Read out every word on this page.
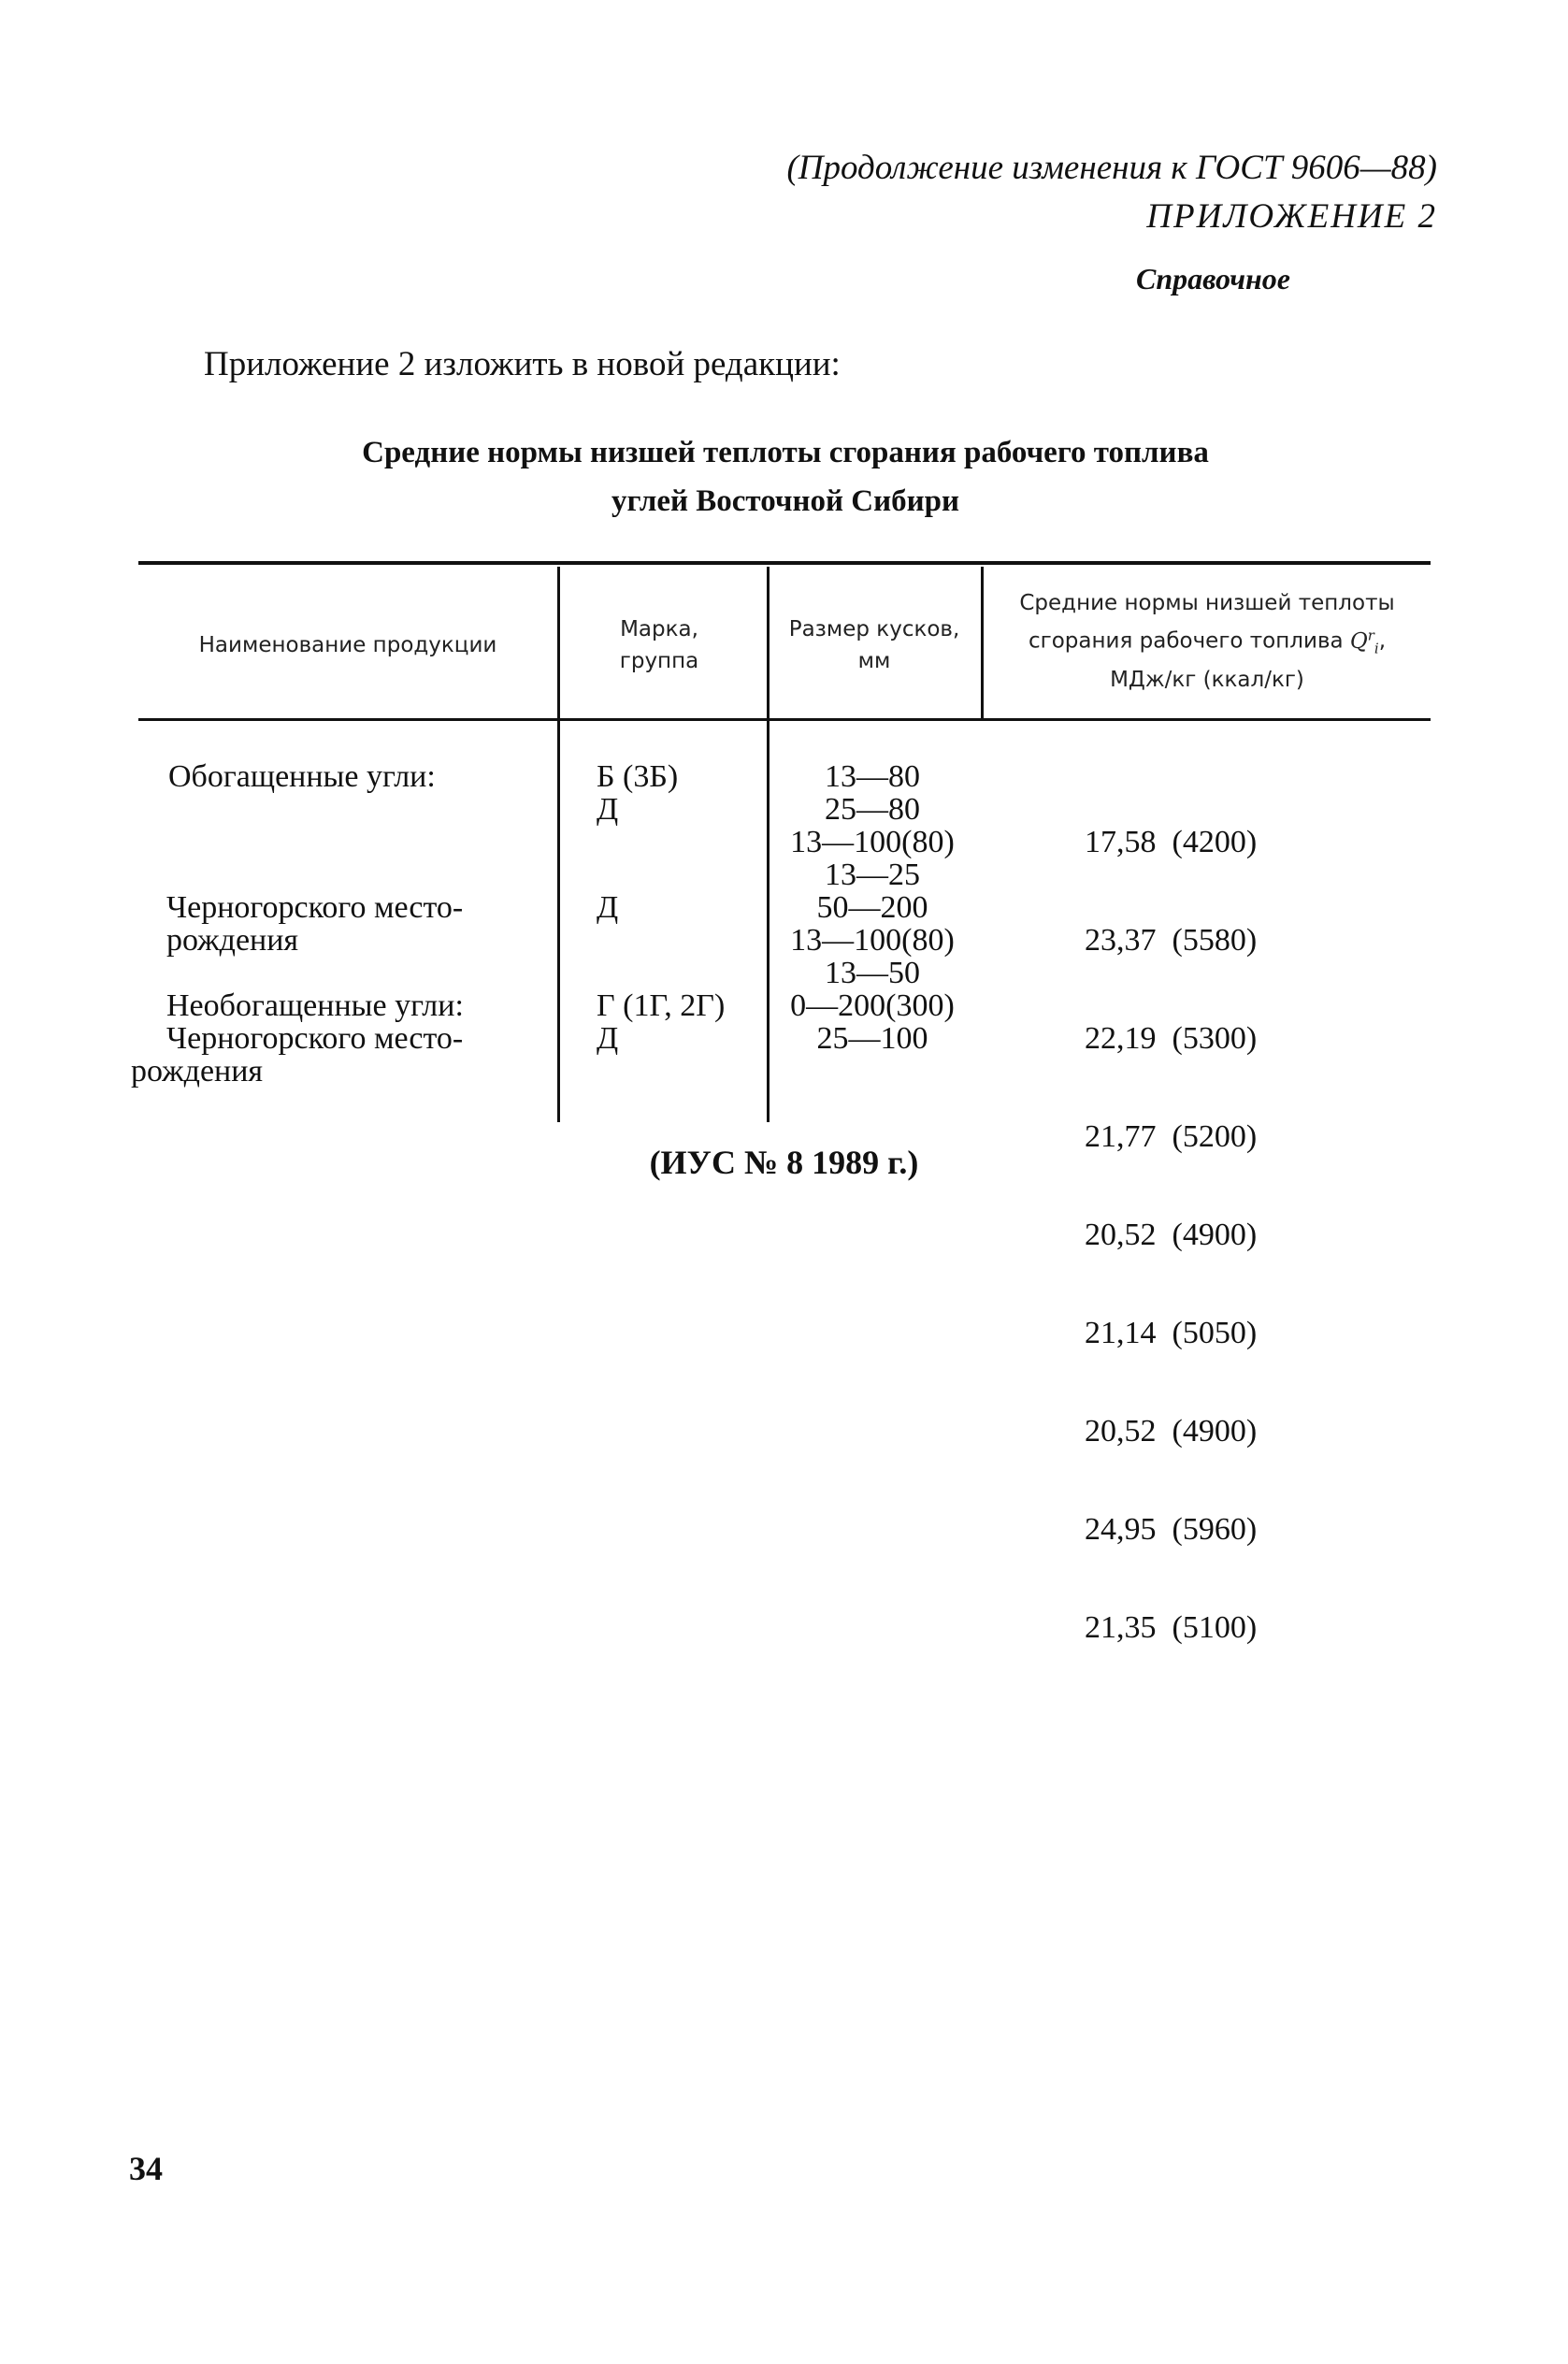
(Продолжение изменения к ГОСТ 9606—88)
ПРИЛОЖЕНИЕ 2
Справочное
Приложение 2 изложить в новой редакции:
Средние нормы низшей теплоты сгорания рабочего топлива
углей Восточной Сибири
Наименование продукции
Марка, группа
Размер кусков, мм
Средние нормы низшей теплоты сгорания рабочего топлива $Q^r_i$,
МДж/кг (ккал/кг)
Обогащенные угли:
Черногорского место-
рождения
Необогащенные угли:
Черногорского место-
рождения
Б (3Б)
Д
Д
Г (1Г, 2Г)
Д
13—80
25—80
13—100(80)
13—25
50—200
13—100(80)
13—50
0—200(300)
25—100

17,58  (4200)

23,37  (5580)

22,19  (5300)

21,77  (5200)

20,52  (4900)

21,14  (5050)

20,52  (4900)

24,95  (5960)

21,35  (5100)

(ИУС № 8 1989 г.)
34
